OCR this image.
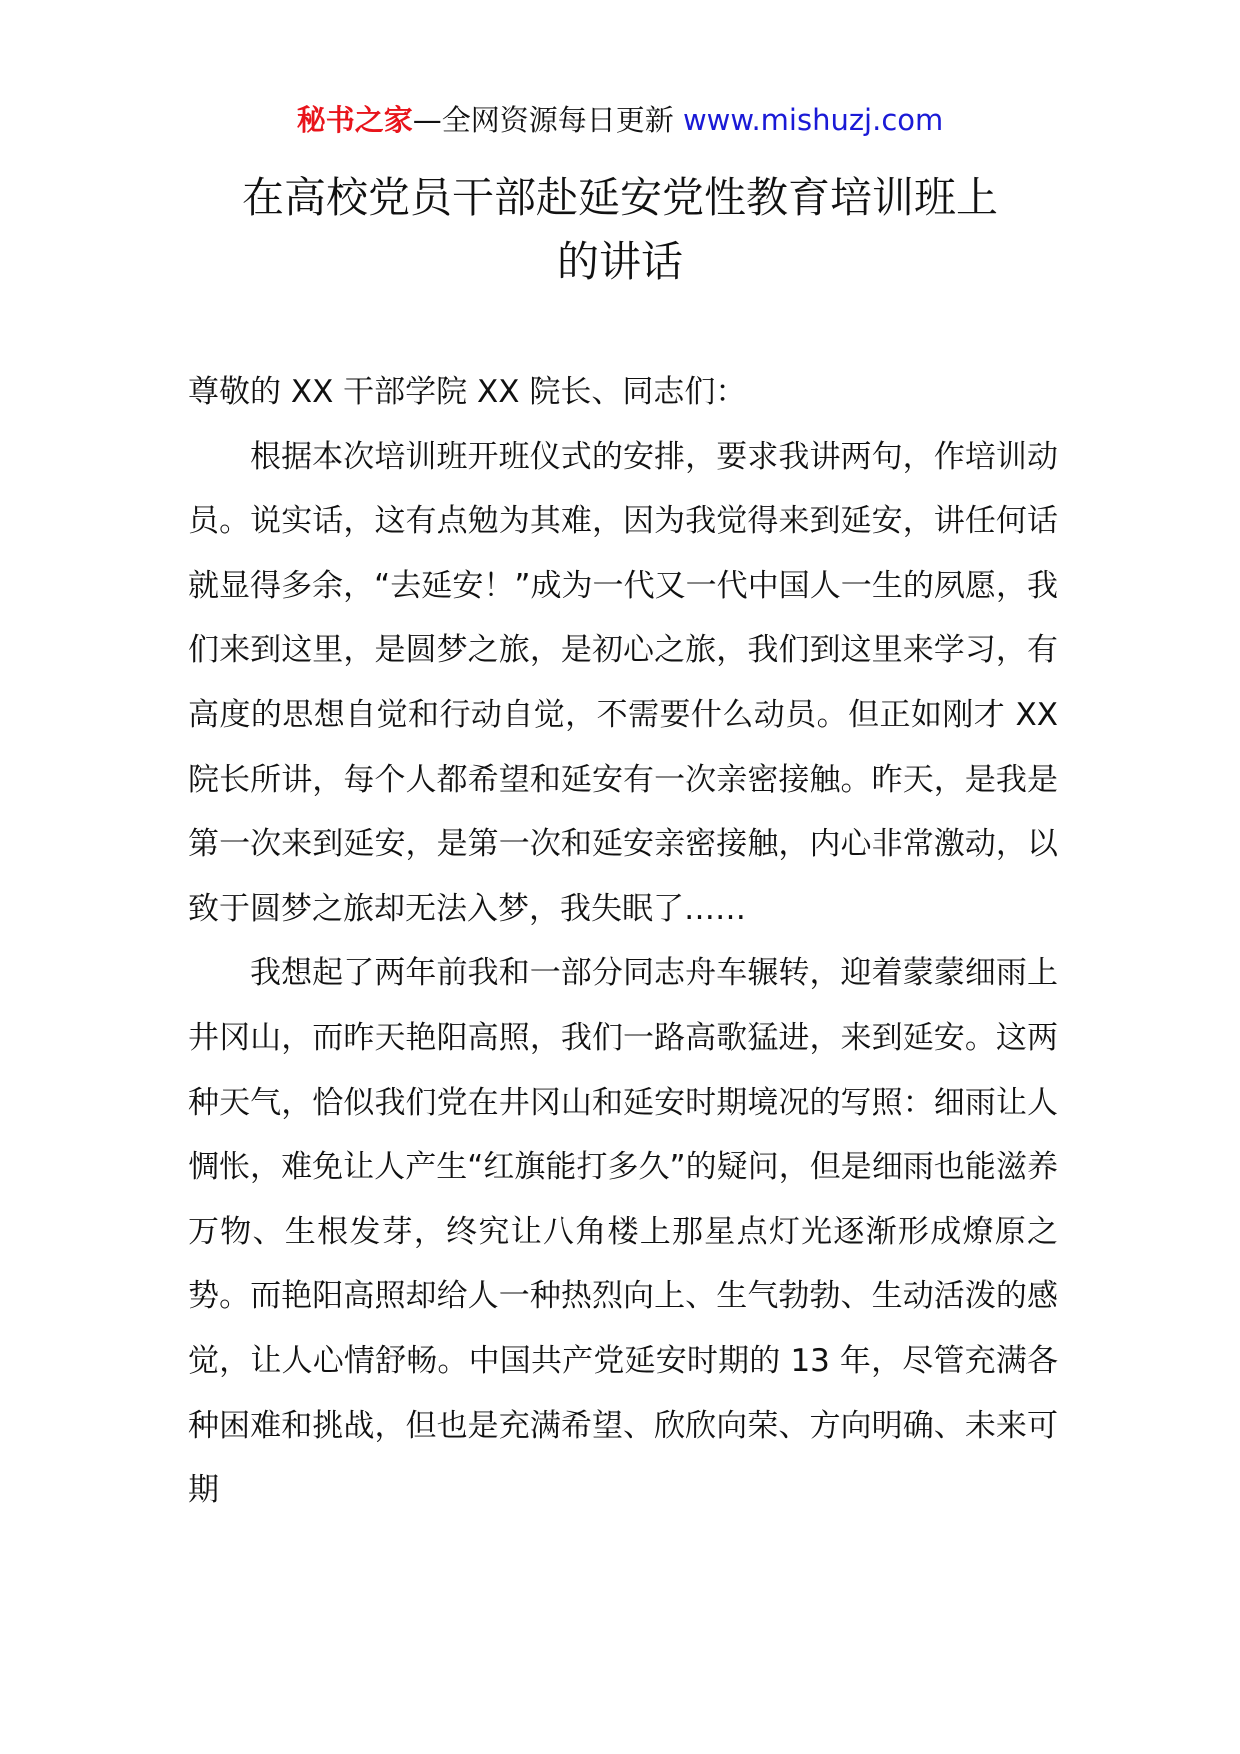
秘书之家—全网资源每日更新 www.mishuzj.com
在高校党员干部赴延安党性教育培训班上
的讲话

尊敬的 XX 干部学院 XX 院长、同志们：

根据本次培训班开班仪式的安排，要求我讲两句，作培训动员。说实话，这有点勉为其难，因为我觉得来到延安，讲任何话就显得多余，“去延安！”成为一代又一代中国人一生的夙愿，我们来到这里，是圆梦之旅，是初心之旅，我们到这里来学习，有高度的思想自觉和行动自觉，不需要什么动员。但正如刚才 XX 院长所讲，每个人都希望和延安有一次亲密接触。昨天，是我是第一次来到延安，是第一次和延安亲密接触，内心非常激动，以致于圆梦之旅却无法入梦，我失眠了……

我想起了两年前我和一部分同志舟车辗转，迎着蒙蒙细雨上井冈山，而昨天艳阳高照，我们一路高歌猛进，来到延安。这两种天气，恰似我们党在井冈山和延安时期境况的写照：细雨让人惆怅，难免让人产生“红旗能打多久”的疑问，但是细雨也能滋养万物、生根发芽，终究让八角楼上那星点灯光逐渐形成燎原之势。而艳阳高照却给人一种热烈向上、生气勃勃、生动活泼的感觉，让人心情舒畅。中国共产党延安时期的 13 年，尽管充满各种困难和挑战，但也是充满希望、欣欣向荣、方向明确、未来可期
